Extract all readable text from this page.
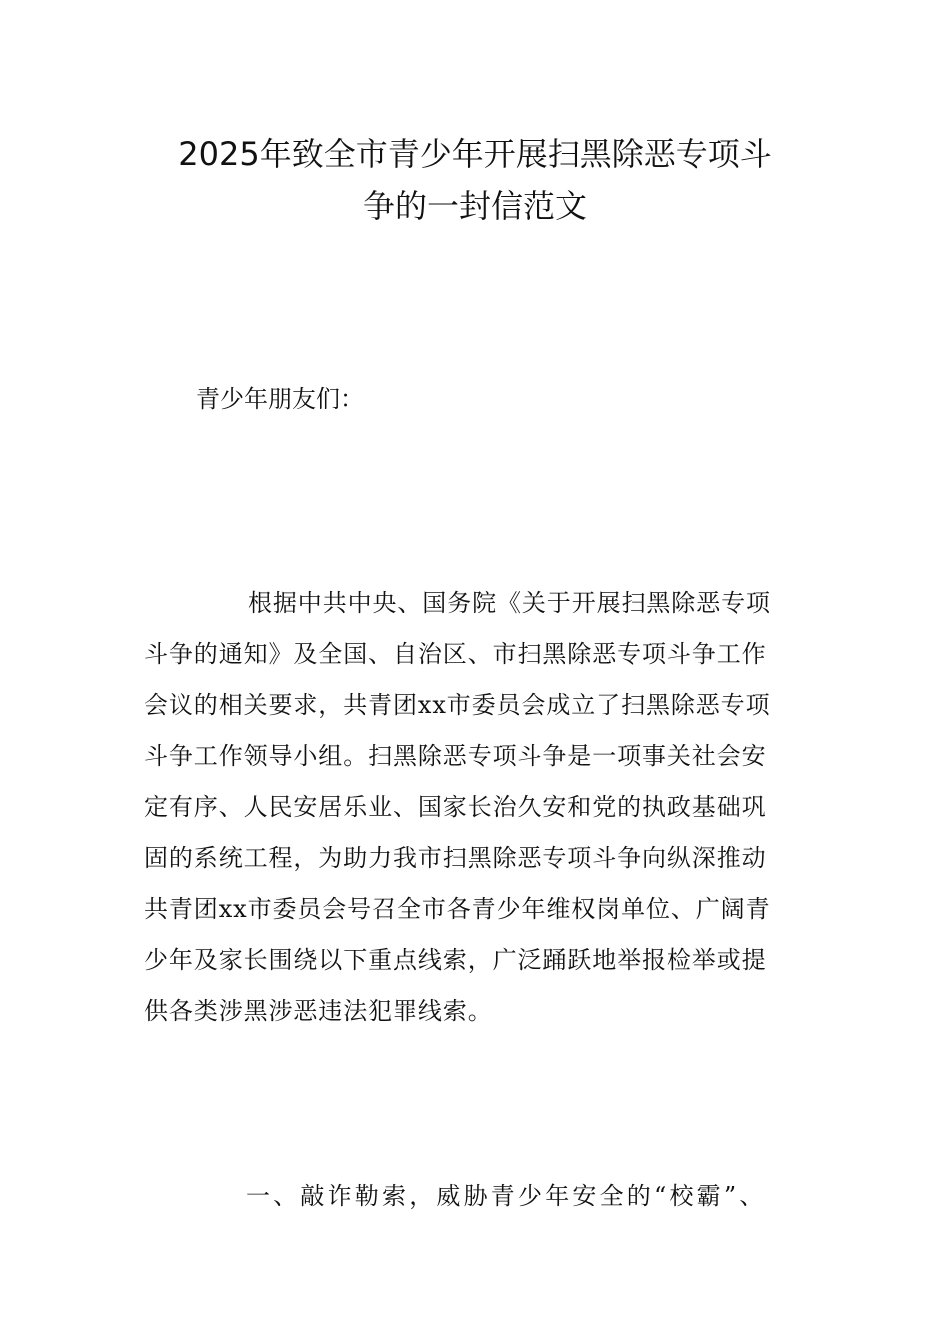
2025年致全市青少年开展扫黑除恶专项斗
争的一封信范文
青少年朋友们：
根据中共中央、国务院《关于开展扫黑除恶专项
斗争的通知》及全国、自治区、市扫黑除恶专项斗争工作
会议的相关要求，共青团xx市委员会成立了扫黑除恶专项
斗争工作领导小组。扫黑除恶专项斗争是一项事关社会安
定有序、人民安居乐业、国家长治久安和党的执政基础巩
固的系统工程，为助力我市扫黑除恶专项斗争向纵深推动
共青团xx市委员会号召全市各青少年维权岗单位、广阔青
少年及家长围绕以下重点线索，广泛踊跃地举报检举或提
供各类涉黑涉恶违法犯罪线索。
一、敲诈勒索，威胁青少年安全的“校霸”、
